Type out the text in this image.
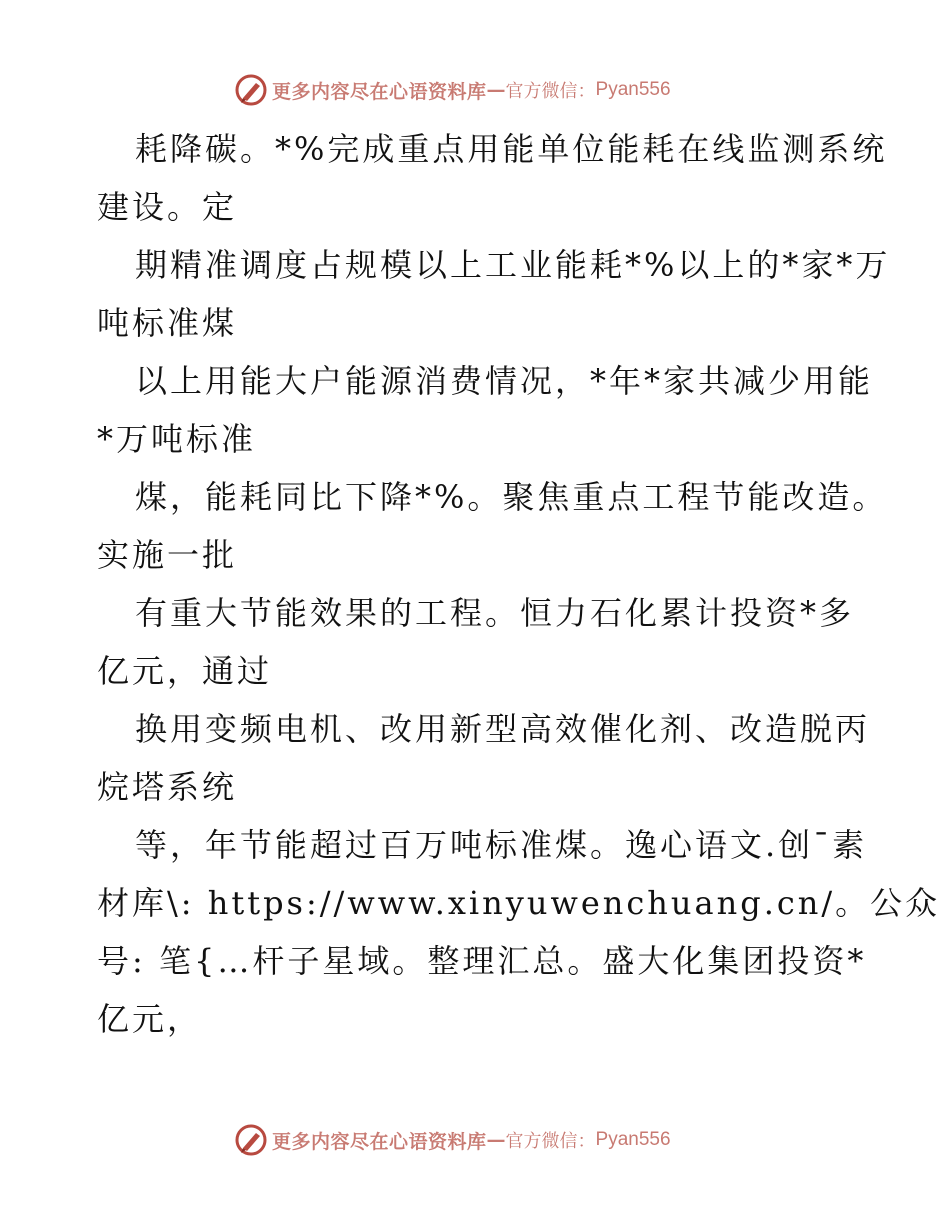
更多内容尽在心语资料库 — 官方微信： Pyan556
耗降碳。*%完成重点用能单位能耗在线监测系统
建设。定
期精准调度占规模以上工业能耗*%以上的*家*万
吨标准煤
以上用能大户能源消费情况，*年*家共减少用能
*万吨标准
煤，能耗同比下降*%。聚焦重点工程节能改造。
实施一批
有重大节能效果的工程。恒力石化累计投资*多
亿元，通过
换用变频电机、改用新型高效催化剂、改造脱丙
烷塔系统
等，年节能超过百万吨标准煤。逸心语文.创¯素
材库\: https://www.xinyuwenchuang.cn/。公众
号: 笔{…杆子星域。整理汇总。盛大化集团投资*
亿元，
更多内容尽在心语资料库 — 官方微信： Pyan556
